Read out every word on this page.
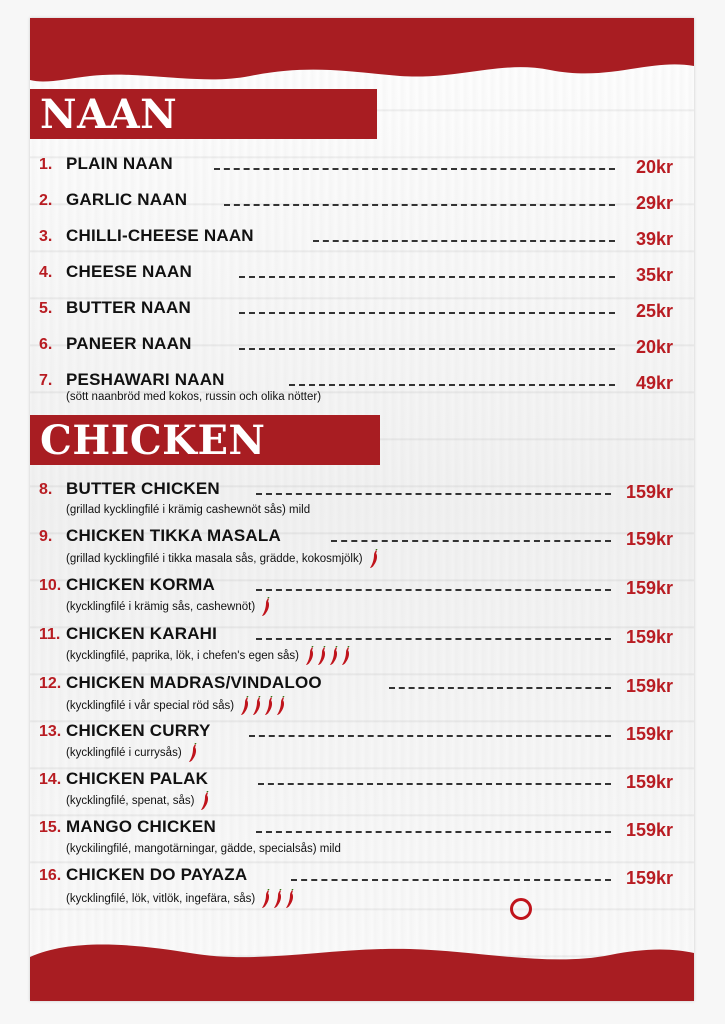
NAAN
1. PLAIN NAAN	20kr
2. GARLIC NAAN	29kr
3. CHILLI-CHEESE NAAN	39kr
4. CHEESE NAAN	35kr
5. BUTTER NAAN	25kr
6. PANEER NAAN	20kr
7. PESHAWARI NAAN	49kr
(sött naanbröd med kokos, russin och olika nötter)
CHICKEN
8. BUTTER CHICKEN	159kr
(grillad kycklingfilé i krämig cashewnöt sås) mild
9. CHICKEN TIKKA MASALA	159kr
(grillad kycklingfilé i tikka masala sås, grädde, kokosmjölk)
10. CHICKEN KORMA	159kr
(kycklingfilé i krämig sås, cashewnöt)
11. CHICKEN KARAHI	159kr
(kycklingfilé, paprika, lök, i chefen's egen sås)
12. CHICKEN MADRAS/VINDALOO	159kr
(kycklingfilé i vår special röd sås)
13. CHICKEN CURRY	159kr
(kycklingfilé i currysås)
14. CHICKEN PALAK	159kr
(kycklingfilé, spenat, sås)
15. MANGO CHICKEN	159kr
(kyckilingfilé, mangotärningar, gädde, specialsås) mild
16. CHICKEN DO PAYAZA	159kr
(kycklingfilé, lök, vitlök, ingefära, sås)
